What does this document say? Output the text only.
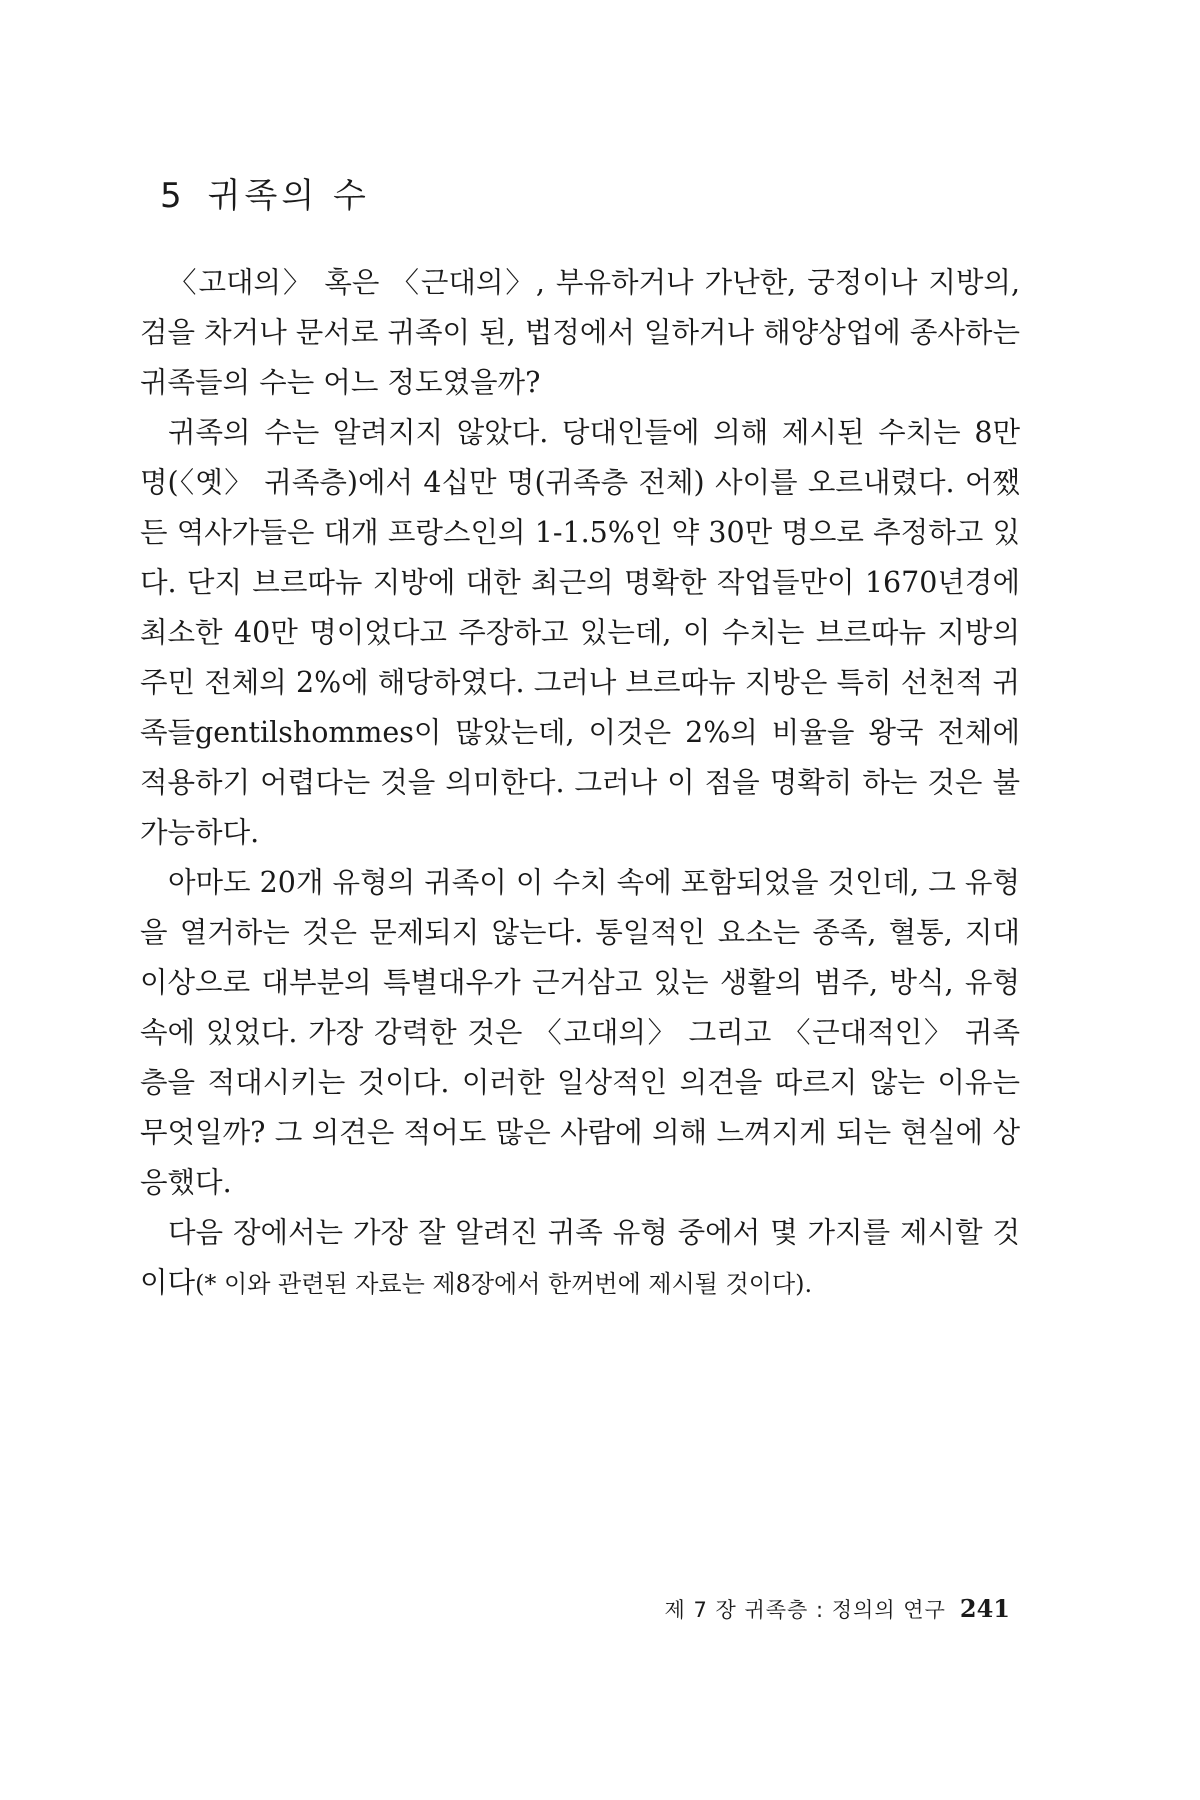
5 귀족의 수

〈고대의〉 혹은 〈근대의〉, 부유하거나 가난한, 궁정이나 지방의, 검을 차거나 문서로 귀족이 된, 법정에서 일하거나 해양상업에 종사하는 귀족들의 수는 어느 정도였을까?

귀족의 수는 알려지지 않았다. 당대인들에 의해 제시된 수치는 8만 명(〈옛〉 귀족층)에서 4십만 명(귀족층 전체) 사이를 오르내렸다. 어쨌든 역사가들은 대개 프랑스인의 1-1.5%인 약 30만 명으로 추정하고 있다. 단지 브르따뉴 지방에 대한 최근의 명확한 작업들만이 1670년경에 최소한 40만 명이었다고 주장하고 있는데, 이 수치는 브르따뉴 지방의 주민 전체의 2%에 해당하였다. 그러나 브르따뉴 지방은 특히 선천적 귀족들gentilshommes이 많았는데, 이것은 2%의 비율을 왕국 전체에 적용하기 어렵다는 것을 의미한다. 그러나 이 점을 명확히 하는 것은 불가능하다.

아마도 20개 유형의 귀족이 이 수치 속에 포함되었을 것인데, 그 유형을 열거하는 것은 문제되지 않는다. 통일적인 요소는 종족, 혈통, 지대 이상으로 대부분의 특별대우가 근거삼고 있는 생활의 범주, 방식, 유형 속에 있었다. 가장 강력한 것은 〈고대의〉 그리고 〈근대적인〉 귀족층을 적대시키는 것이다. 이러한 일상적인 의견을 따르지 않는 이유는 무엇일까? 그 의견은 적어도 많은 사람에 의해 느껴지게 되는 현실에 상응했다.

다음 장에서는 가장 잘 알려진 귀족 유형 중에서 몇 가지를 제시할 것이다(* 이와 관련된 자료는 제8장에서 한꺼번에 제시될 것이다).

제 7 장 귀족층 : 정의의 연구 241
